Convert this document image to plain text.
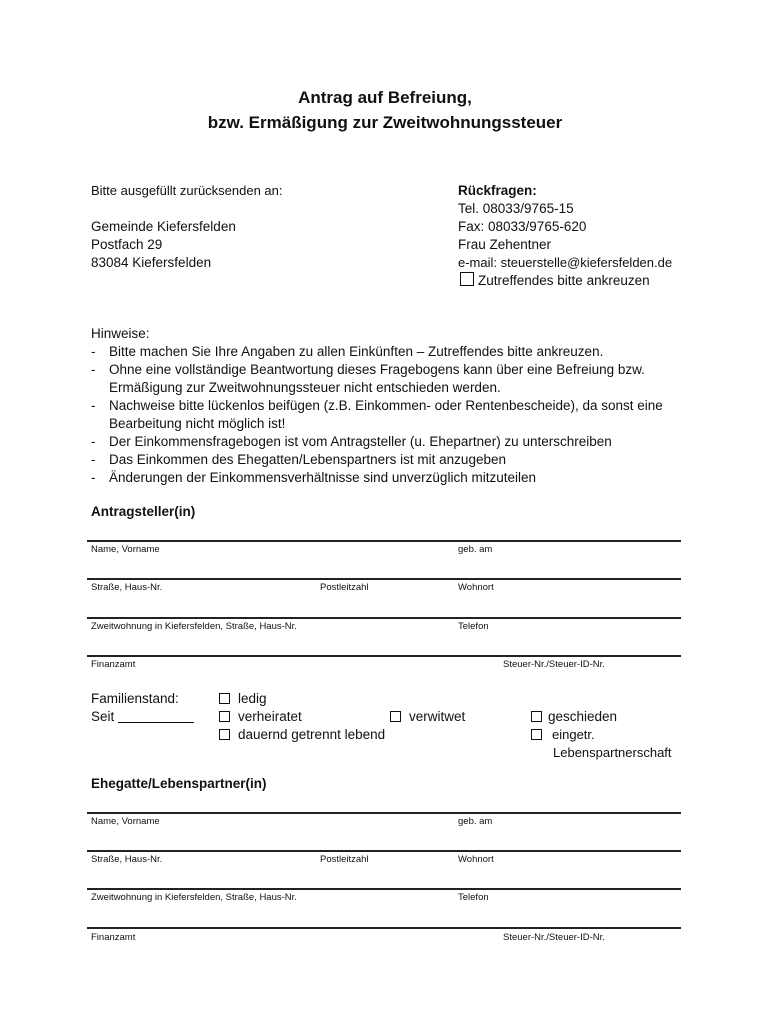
Antrag auf Befreiung,
bzw. Ermäßigung zur Zweitwohnungssteuer
Bitte ausgefüllt zurücksenden an:
Gemeinde Kiefersfelden
Postfach 29
83084 Kiefersfelden
Rückfragen:
Tel. 08033/9765-15
Fax: 08033/9765-620
Frau Zehentner
e-mail: steuerstelle@kiefersfelden.de
Zutreffendes bitte ankreuzen
Hinweise:
- Bitte machen Sie Ihre Angaben zu allen Einkünften – Zutreffendes bitte ankreuzen.
- Ohne eine vollständige Beantwortung dieses Fragebogens kann über eine Befreiung bzw. Ermäßigung zur Zweitwohnungssteuer nicht entschieden werden.
- Nachweise bitte lückenlos beifügen (z.B. Einkommen- oder Rentenbescheide), da sonst eine Bearbeitung nicht möglich ist!
- Der Einkommensfragebogen ist vom Antragsteller (u. Ehepartner) zu unterschreiben
- Das Einkommen des Ehegatten/Lebenspartners ist mit anzugeben
- Änderungen der Einkommensverhältnisse sind unverzüglich mitzuteilen
Antragsteller(in)
Name, Vorname	geb. am
Straße, Haus-Nr.	Postleitzahl	Wohnort
Zweitwohnung in Kiefersfelden, Straße, Haus-Nr.	Telefon
Finanzamt	Steuer-Nr./Steuer-ID-Nr.
Familienstand:
Seit
ledig
verheiratet
dauernd getrennt lebend
verwitwet	geschieden
eingetr.
Lebenspartnerschaft
Ehegatte/Lebenspartner(in)
Name, Vorname	geb. am
Straße, Haus-Nr.	Postleitzahl	Wohnort
Zweitwohnung in Kiefersfelden, Straße, Haus-Nr.	Telefon
Finanzamt	Steuer-Nr./Steuer-ID-Nr.
